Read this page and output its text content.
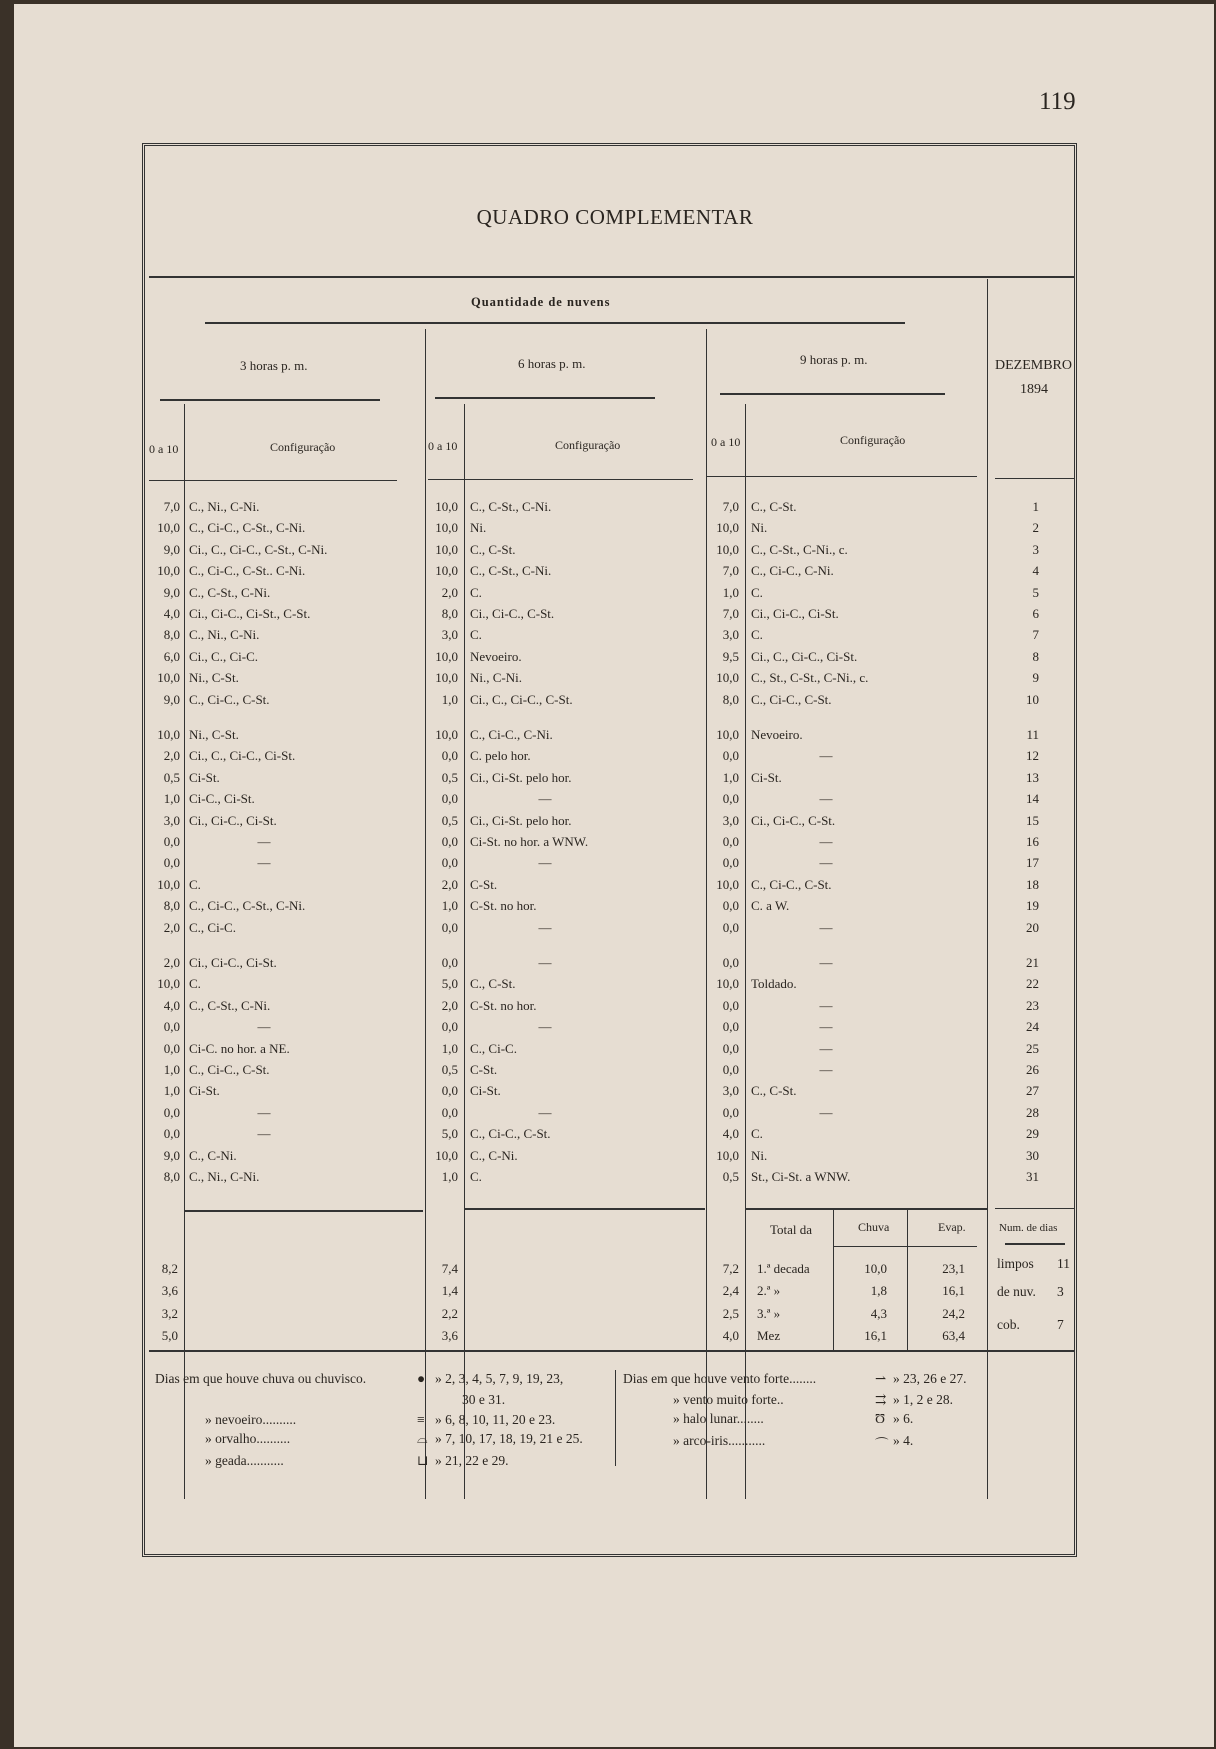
119
QUADRO COMPLEMENTAR
Quantidade de nuvens
3 horas p. m.	6 horas p. m.	9 horas p. m.	DEZEMBRO
1894
0 a 10	Configuração	0 a 10	Configuração	0 a 10	Configuração
7,0 C., Ni., C-Ni.	10,0 C., C-St., C-Ni.	7,0 C., C-St.	1
10,0 C., Ci-C., C-St., C-Ni.	10,0 Ni.	10,0 Ni.	2
9,0 Ci., C., Ci-C., C-St., C-Ni.	10,0 C., C-St.	10,0 C., C-St., C-Ni., c.	3
10,0 C., Ci-C., C-St.. C-Ni.	10,0 C., C-St., C-Ni.	7,0 C., Ci-C., C-Ni.	4
9,0 C., C-St., C-Ni.	2,0 C.	1,0 C.	5
4,0 Ci., Ci-C., Ci-St., C-St.	8,0 Ci., Ci-C., C-St.	7,0 Ci., Ci-C., Ci-St.	6
8,0 C., Ni., C-Ni.	3,0 C.	3,0 C.	7
6,0 Ci., C., Ci-C.	10,0 Nevoeiro.	9,5 Ci., C., Ci-C., Ci-St.	8
10,0 Ni., C-St.	10,0 Ni., C-Ni.	10,0 C., St., C-St., C-Ni., c.	9
9,0 C., Ci-C., C-St.	1,0 Ci., C., Ci-C., C-St.	8,0 C., Ci-C., C-St.	10
10,0 Ni., C-St.	10,0 C., Ci-C., C-Ni.	10,0 Nevoeiro.	11
2,0 Ci., C., Ci-C., Ci-St.	0,0 C. pelo hor.	0,0	—	12
0,5 Ci-St.	0,5 Ci., Ci-St. pelo hor.	1,0 Ci-St.	13
1,0 Ci-C., Ci-St.	0,0	—	0,0	—	14
3,0 Ci., Ci-C., Ci-St.	0,5 Ci., Ci-St. pelo hor.	3,0 Ci., Ci-C., C-St.	15
0,0	—	0,0 Ci-St. no hor. a WNW.	0,0	—	16
0,0	—	0,0	—	0,0	—	17
10,0 C.	2,0 C-St.	10,0 C., Ci-C., C-St.	18
8,0 C., Ci-C., C-St., C-Ni.	1,0 C-St. no hor.	0,0 C. a W.	19
2,0 C., Ci-C.	0,0	—	0,0	—	20
2,0 Ci., Ci-C., Ci-St.	0,0	—	0,0	—	21
10,0 C.	5,0 C., C-St.	10,0 Toldado.	22
4,0 C., C-St., C-Ni.	2,0 C-St. no hor.	0,0	—	23
0,0	—	0,0	—	0,0	—	24
0,0 Ci-C. no hor. a NE.	1,0 C., Ci-C.	0,0	—	25
1,0 C., Ci-C., C-St.	0,5 C-St.	0,0	—	26
1,0 Ci-St.	0,0 Ci-St.	3,0 C., C-St.	27
0,0	—	0,0	—	0,0	—	28
0,0	—	5,0 C., Ci-C., C-St.	4,0 C.	29
9,0 C., C-Ni.	10,0 C., C-Ni.	10,0 Ni.	30
8,0 C., Ni., C-Ni.	1,0 C.	0,5 St., Ci-St. a WNW.	31
Total da	Chuva	Evap.	Num. de dias
8,2	7,4	7,2 1.ª decada	10,0	23,1
3,6	1,4	2,4 2.ª »	1,8	16,1
3,2	2,2	2,5 3.ª »	4,3	24,2
5,0	3,6	4,0 Mez	16,1	63,4
limpos 11
de nuv. 3
cob.	7
Dias em que houve chuva ou chuvisco.	● » 2, 3, 4, 5, 7, 9, 19, 23,
30 e 31.
» nevoeiro..........	≡ » 6, 8, 10, 11, 20 e 23.
» orvalho..........	⌓ » 7, 10, 17, 18, 19, 21 e 25.
» geada...........	⊔ » 21, 22 e 29.
Dias em que houve vento forte........	⇀ » 23, 26 e 27.
» vento muito forte..	⇉ » 1, 2 e 28.
» halo lunar........	Ʊ » 6.
» arco-iris...........	⌒ » 4.
